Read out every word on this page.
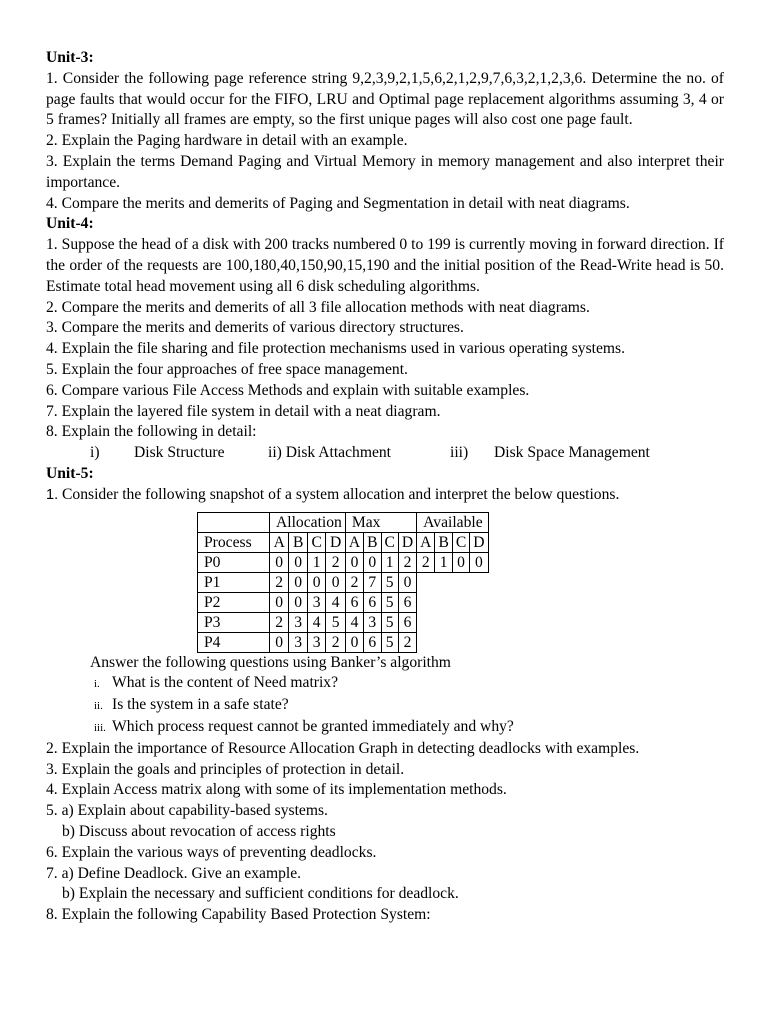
Unit-3:

1. Consider the following page reference string 9,2,3,9,2,1,5,6,2,1,2,9,7,6,3,2,1,2,3,6. Determine the no. of page faults that would occur for the FIFO, LRU and Optimal page replacement algorithms assuming 3, 4 or 5 frames? Initially all frames are empty, so the first unique pages will also cost one page fault.

2. Explain the Paging hardware in detail with an example.

3. Explain the terms Demand Paging and Virtual Memory in memory management and also interpret their importance.

4. Compare the merits and demerits of Paging and Segmentation in detail with neat diagrams.

Unit-4:

1. Suppose the head of a disk with 200 tracks numbered 0 to 199 is currently moving in forward direction. If the order of the requests are 100,180,40,150,90,15,190 and the initial position of the Read-Write head is 50. Estimate total head movement using all 6 disk scheduling algorithms.

2. Compare the merits and demerits of all 3 file allocation methods with neat diagrams.

3. Compare the merits and demerits of various directory structures.

4. Explain the file sharing and file protection mechanisms used in various operating systems.

5. Explain the four approaches of free space management.

6. Compare various File Access Methods and explain with suitable examples.

7. Explain the layered file system in detail with a neat diagram.

8. Explain the following in detail:

i)	Disk Structure	ii) Disk Attachment	iii)	Disk Space Management
Unit-5:

1. Consider the following snapshot of a system allocation and interpret the below questions.

	Allocation				Max				Available			
Process	A	B	C	D	A	B	C	D	A	B	C	D
P0	0	0	1	2	0	0	1	2	2	1	0	0
P1	2	0	0	0	2	7	5	0				
P2	0	0	3	4	6	6	5	6				
P3	2	3	4	5	4	3	5	6				
P4	0	3	3	2	0	6	5	2				
Answer the following questions using Banker’s algorithm
i. What is the content of Need matrix?
ii. Is the system in a safe state?
iii. Which process request cannot be granted immediately and why?

2. Explain the importance of Resource Allocation Graph in detecting deadlocks with examples.

3. Explain the goals and principles of protection in detail.

4. Explain Access matrix along with some of its implementation methods.

5. a) Explain about capability-based systems.

b) Discuss about revocation of access rights

6. Explain the various ways of preventing deadlocks.

7. a) Define Deadlock. Give an example.

b) Explain the necessary and sufficient conditions for deadlock.

8. Explain the following Capability Based Protection System:
